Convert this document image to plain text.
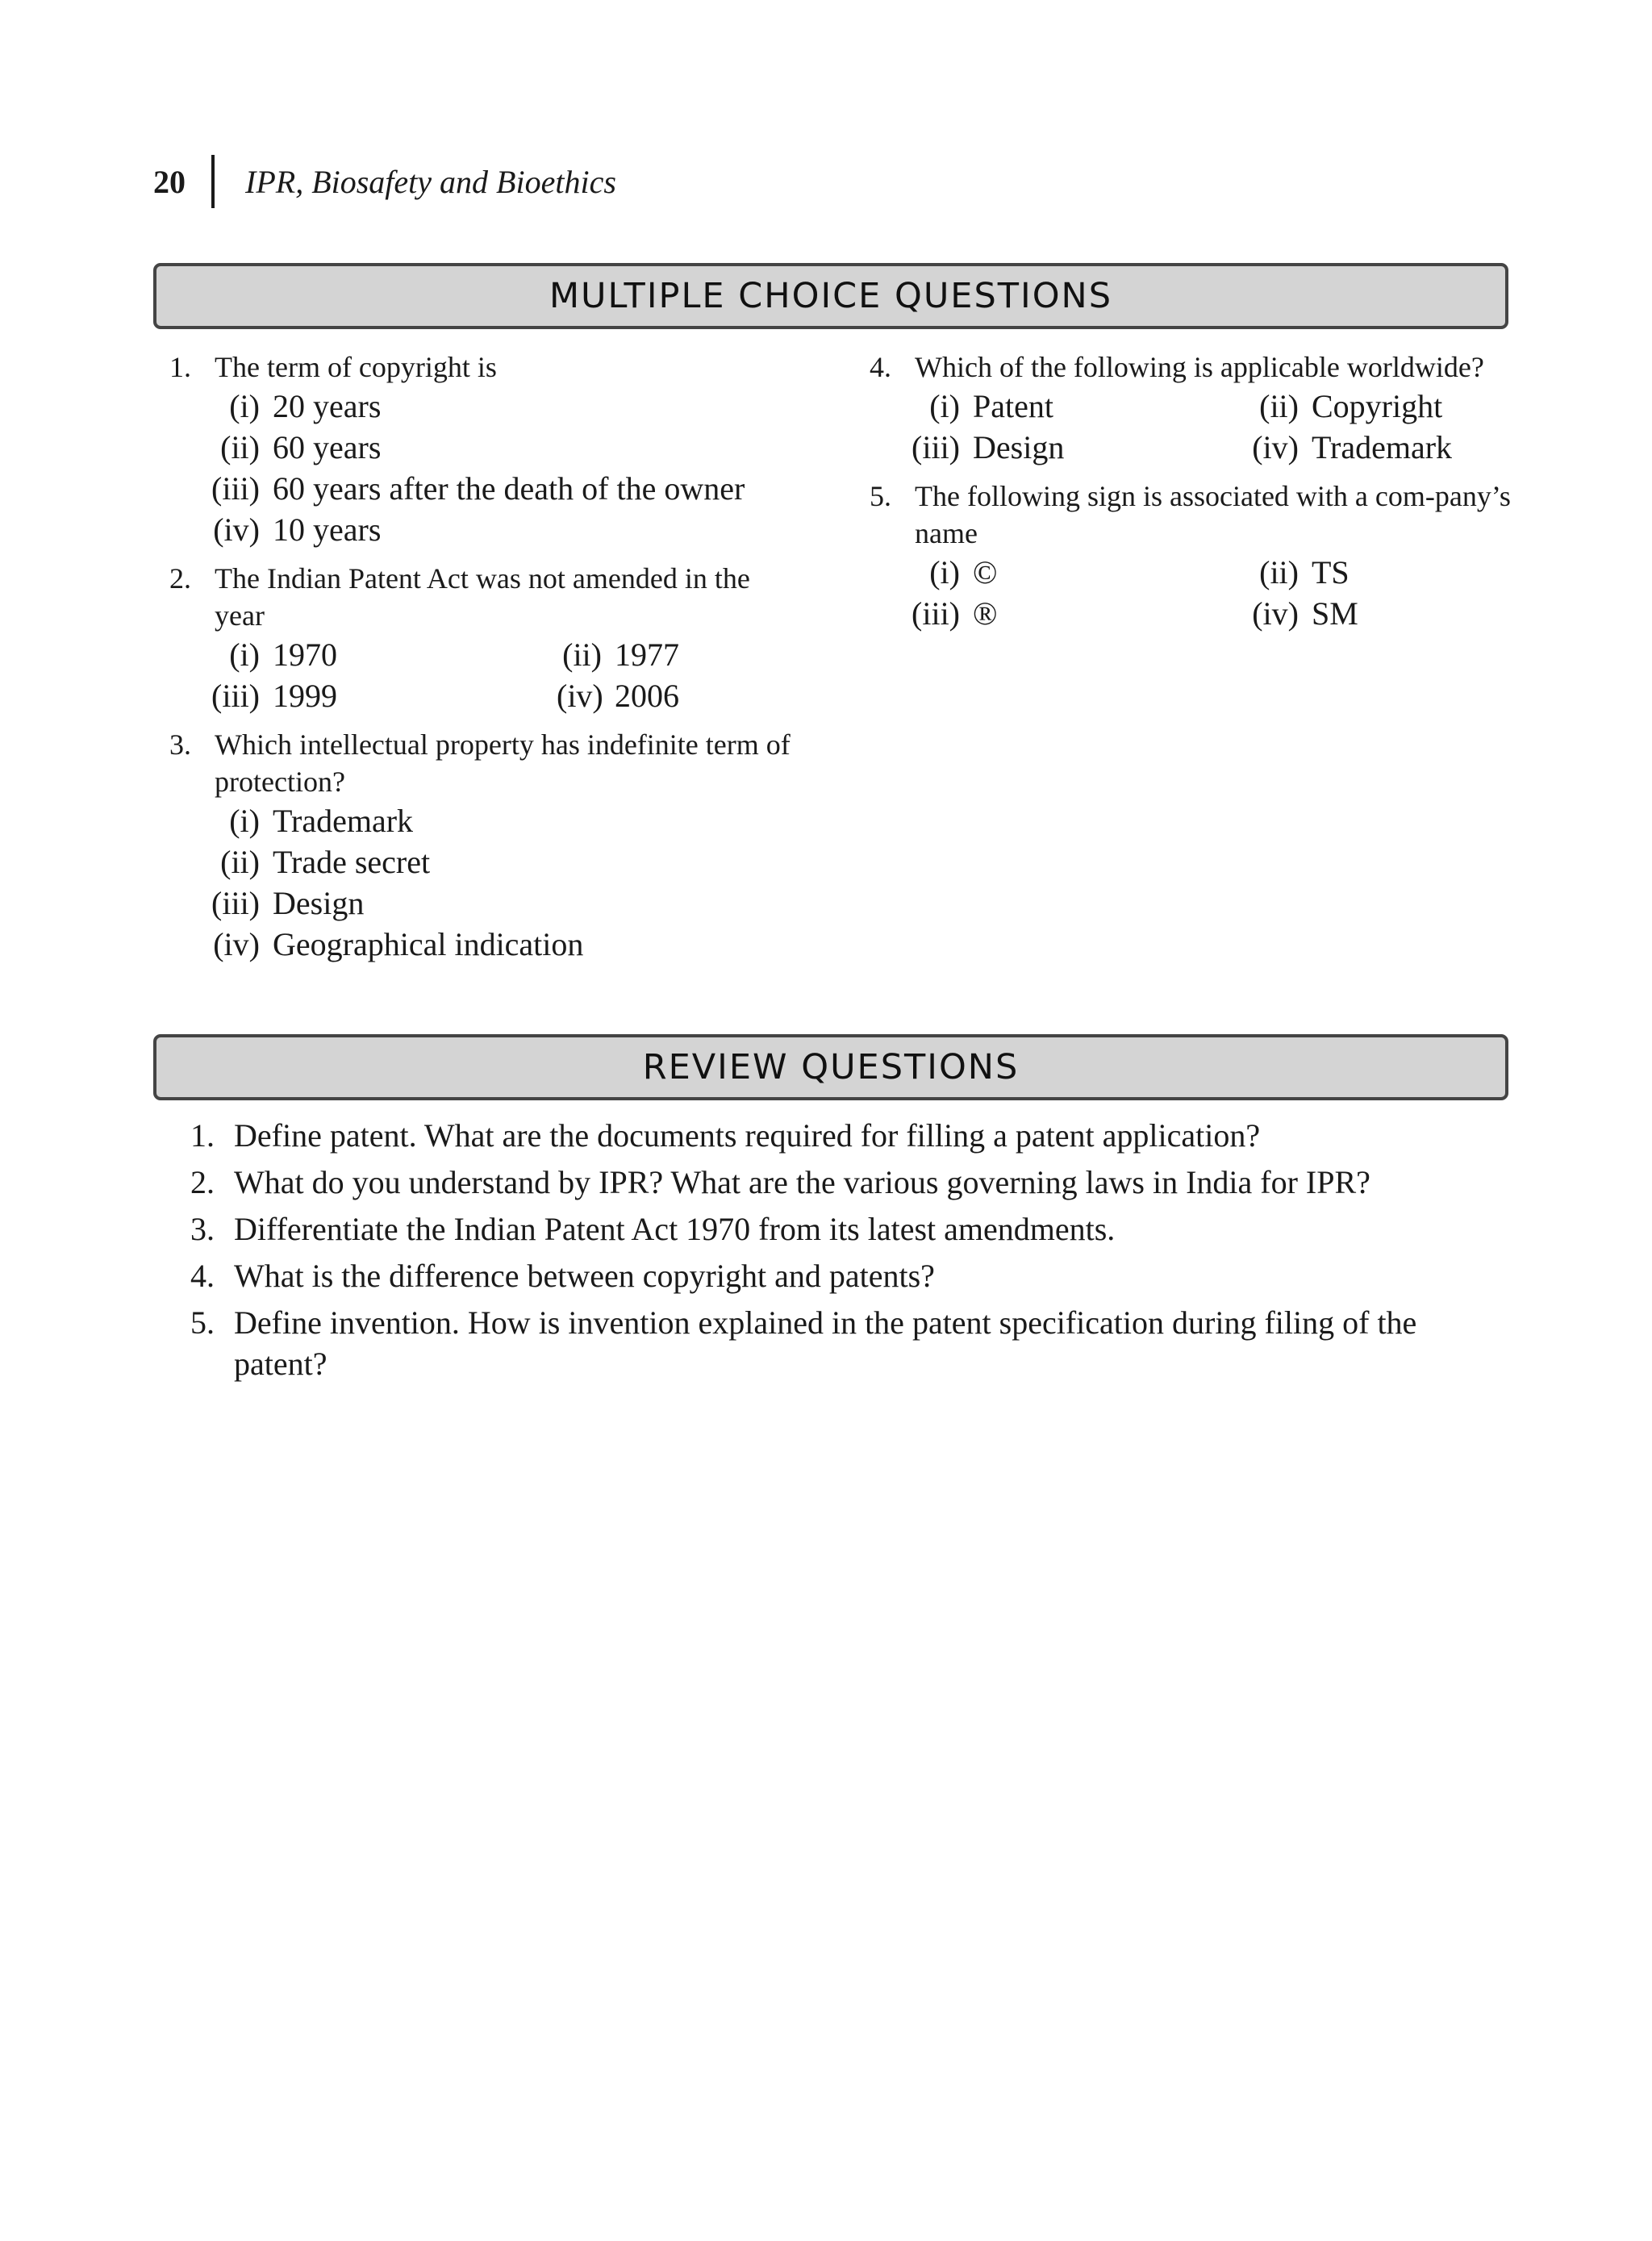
20	IPR, Biosafety and Bioethics
MULTIPLE CHOICE QUESTIONS
1. The term of copyright is
(i) 20 years
(ii) 60 years
(iii) 60 years after the death of the owner
(iv) 10 years
2. The Indian Patent Act was not amended in the year
(i) 1970	(ii) 1977
(iii) 1999	(iv) 2006
3. Which intellectual property has indefinite term of protection?
(i) Trademark
(ii) Trade secret
(iii) Design
(iv) Geographical indication
4. Which of the following is applicable worldwide?
(i) Patent	(ii) Copyright
(iii) Design	(iv) Trademark
5. The following sign is associated with a com-pany’s name
(i) ©	(ii) TS
(iii) ®	(iv) SM
REVIEW QUESTIONS
1. Define patent. What are the documents required for filling a patent application?
2. What do you understand by IPR? What are the various governing laws in India for IPR?
3. Differentiate the Indian Patent Act 1970 from its latest amendments.
4. What is the difference between copyright and patents?
5. Define invention. How is invention explained in the patent specification during filing of the patent?
